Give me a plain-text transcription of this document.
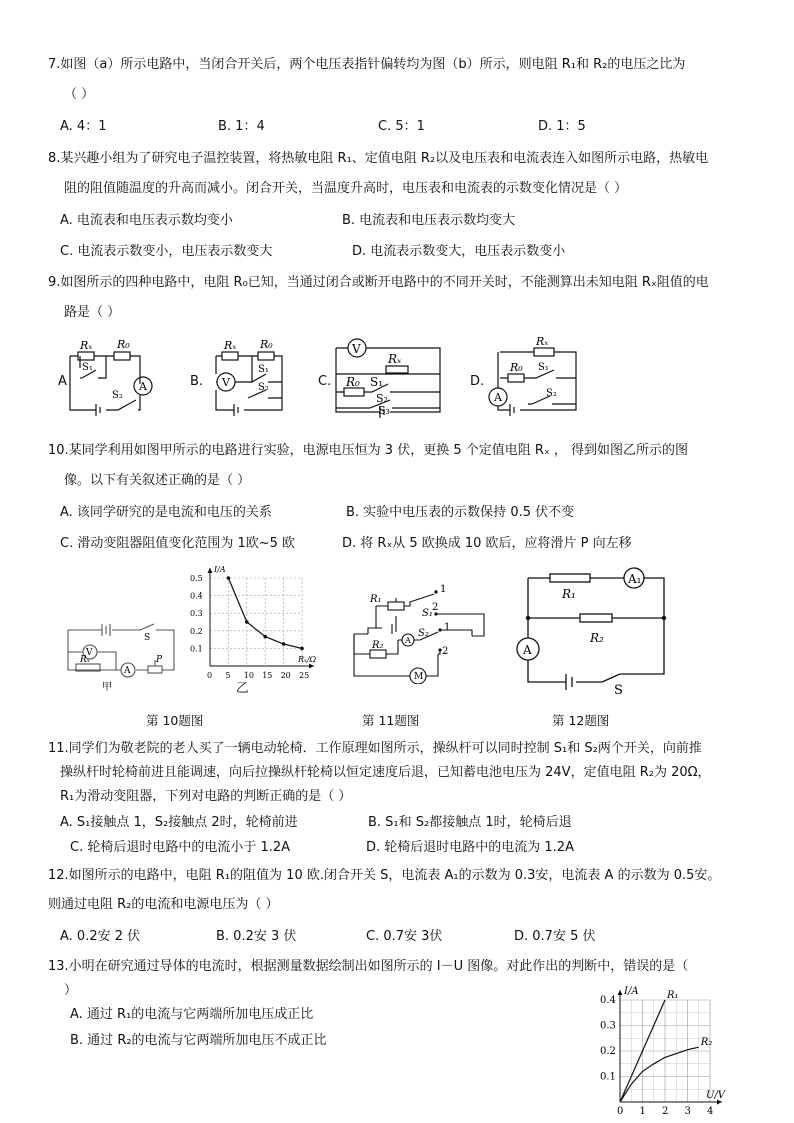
7.如图（a）所示电路中，当闭合开关后，两个电压表指针偏转均为图（b）所示，则电阻 R₁和 R₂的电压之比为
（ ）
A. 4：1	B. 1：4	C. 5：1	D. 1：5
8.某兴趣小组为了研究电子温控装置，将热敏电阻 R₁、定值电阻 R₂以及电压表和电流表连入如图所示电路，热敏电
阻的阻值随温度的升高而减小。闭合开关，当温度升高时，电压表和电流表的示数变化情况是（ ）
A. 电流表和电压表示数均变小	B. 电流表和电压表示数均变大
C. 电流表示数变小，电压表示数变大	D. 电流表示数变大，电压表示数变小
9.如图所示的四种电路中，电阻 R₀已知，当通过闭合或断开电路中的不同开关时，不能测算出未知电阻 Rₓ阻值的电
路是（ ）
A
Rₓ R₀
S₁
A
S₂
B.
Rₓ R₀
V
S₁
S₂	C.
V
Rₓ
R₀ S₁
S₂
S₃
D.
Rₓ
R₀ S₁
A	S₂
10.某同学利用如图甲所示的电路进行实验，电源电压恒为 3 伏，更换 5 个定值电阻 Rₓ ， 得到如图乙所示的图
像。以下有关叙述正确的是（ ）
A. 该同学研究的是电流和电压的关系	B. 实验中电压表的示数保持 0.5 伏不变
C. 滑动变阻器阻值变化范围为 1欧~5 欧	D. 将 Rₓ从 5 欧换成 10 欧后，应将滑片 P 向左移
S
V
Rₓ
A
P
甲
0 5 10 15 20 25
0.1
0.2
0.3
0.4
0.5
I/A
Rₓ/Ω
乙
R₁
R₂
S₁
S₂
A
M
1
2
1
2
R₁
R₂
A₁
A
S
第 10题图	第 11题图	第 12题图
11.同学们为敬老院的老人买了一辆电动轮椅．工作原理如图所示，操纵杆可以同时控制 S₁和 S₂两个开关，向前推
操纵杆时轮椅前进且能调速，向后拉操纵杆轮椅以恒定速度后退，已知蓄电池电压为 24V，定值电阻 R₂为 20Ω，
R₁为滑动变阻器，下列对电路的判断正确的是（ ）
A. S₁接触点 1，S₂接触点 2时，轮椅前进	B. S₁和 S₂都接触点 1时，轮椅后退
C. 轮椅后退时电路中的电流小于 1.2A	D. 轮椅后退时电路中的电流为 1.2A
12.如图所示的电路中，电阻 R₁的阻值为 10 欧.闭合开关 S，电流表 A₁的示数为 0.3安，电流表 A 的示数为 0.5安。
则通过电阻 R₂的电流和电源电压为（ ）
A. 0.2安 2 伏	B. 0.2安 3 伏	C. 0.7安 3伏	D. 0.7安 5 伏
13.小明在研究通过导体的电流时，根据测量数据绘制出如图所示的 I－U 图像。对此作出的判断中，错误的是（
）
A. 通过 R₁的电流与它两端所加电压成正比
B. 通过 R₂的电流与它两端所加电压不成正比
0 1 2 3 4
0.1
0.2
0.3
0.4
I/A
U/V
R₁
R₂
